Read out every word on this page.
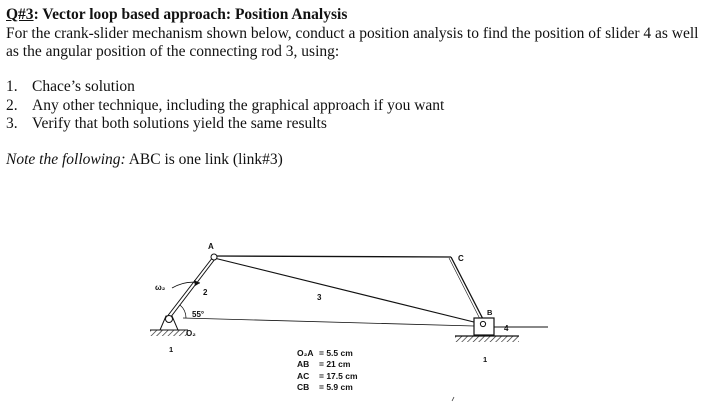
Q#3: Vector loop based approach: Position Analysis

For the crank-slider mechanism shown below, conduct a position analysis to find the position of slider 4 as well as the angular position of the connecting rod 3, using:

1. Chace’s solution
2. Any other technique, including the graphical approach if you want
3. Verify that both solutions yield the same results

Note the following: ABC is one link (link#3)

A
C
B
2
3
4
1
1
55°
ω₂
O₂
O₂A = 5.5 cm
AB	= 21 cm
AC	= 17.5 cm
CB	= 5.9 cm
